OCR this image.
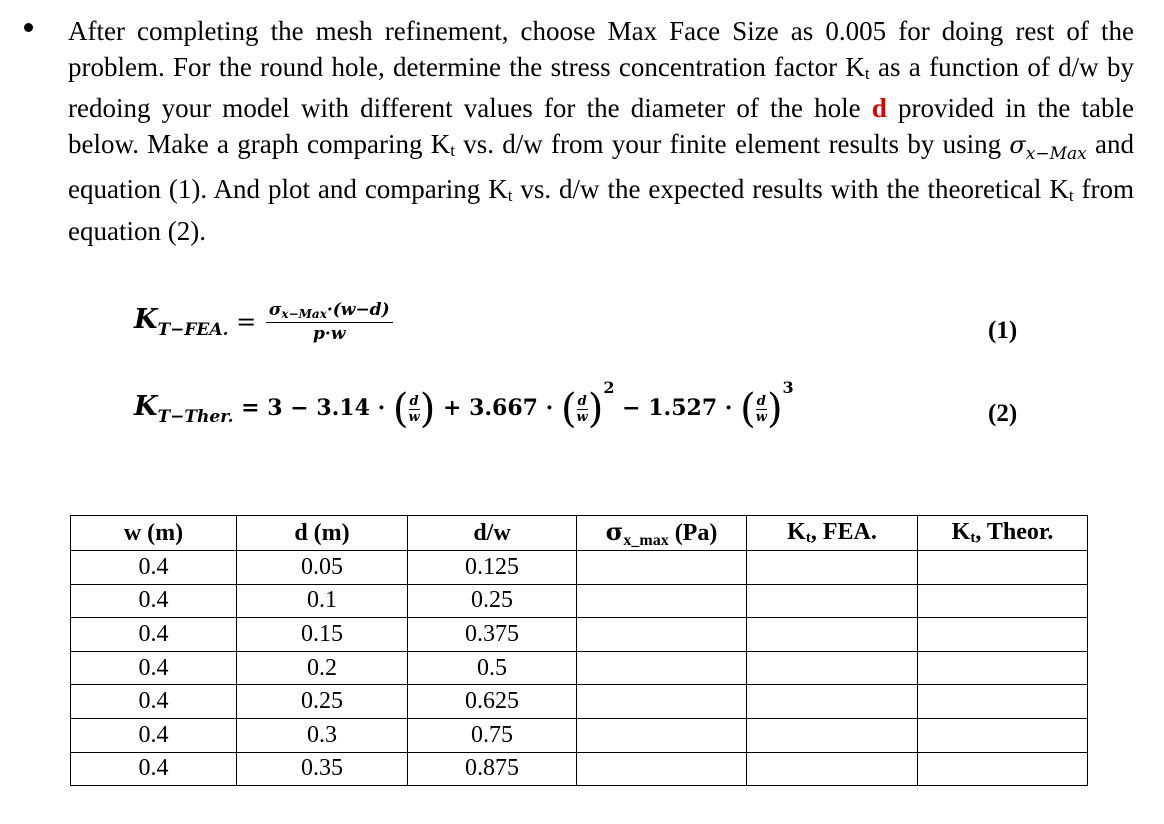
After completing the mesh refinement, choose Max Face Size as 0.005 for doing rest of the problem. For the round hole, determine the stress concentration factor Kt as a function of d/w by redoing your model with different values for the diameter of the hole d provided in the table below. Make a graph comparing Kt vs. d/w from your finite element results by using $\sigma_{x-Max}$ and equation (1). And plot and comparing Kt vs. d/w the expected results with the theoretical Kt from equation (2).
KT−FEA. = $\frac{\text{σx−Max·(w−d)}}{p\cdot w}$	(1)
$K_{T-Ther.} = 3 - 3.14$ · ( $\frac{d}{w}$ ) + 3.667 · ( $\frac{d}{w} )^2 - 1.527$ · ( $\frac{d}{w} )^3$
(2)
w (m)	d (m)	d/w	$\sigma_{x\_max}$ (Pa)	Kt, FEA.	Kt, Theor.
0.4	0.05	0.125			
0.4	0.1	0.25			
0.4	0.15	0.375			
0.4	0.2	0.5			
0.4	0.25	0.625			
0.4	0.3	0.75			
0.4	0.35	0.875			
